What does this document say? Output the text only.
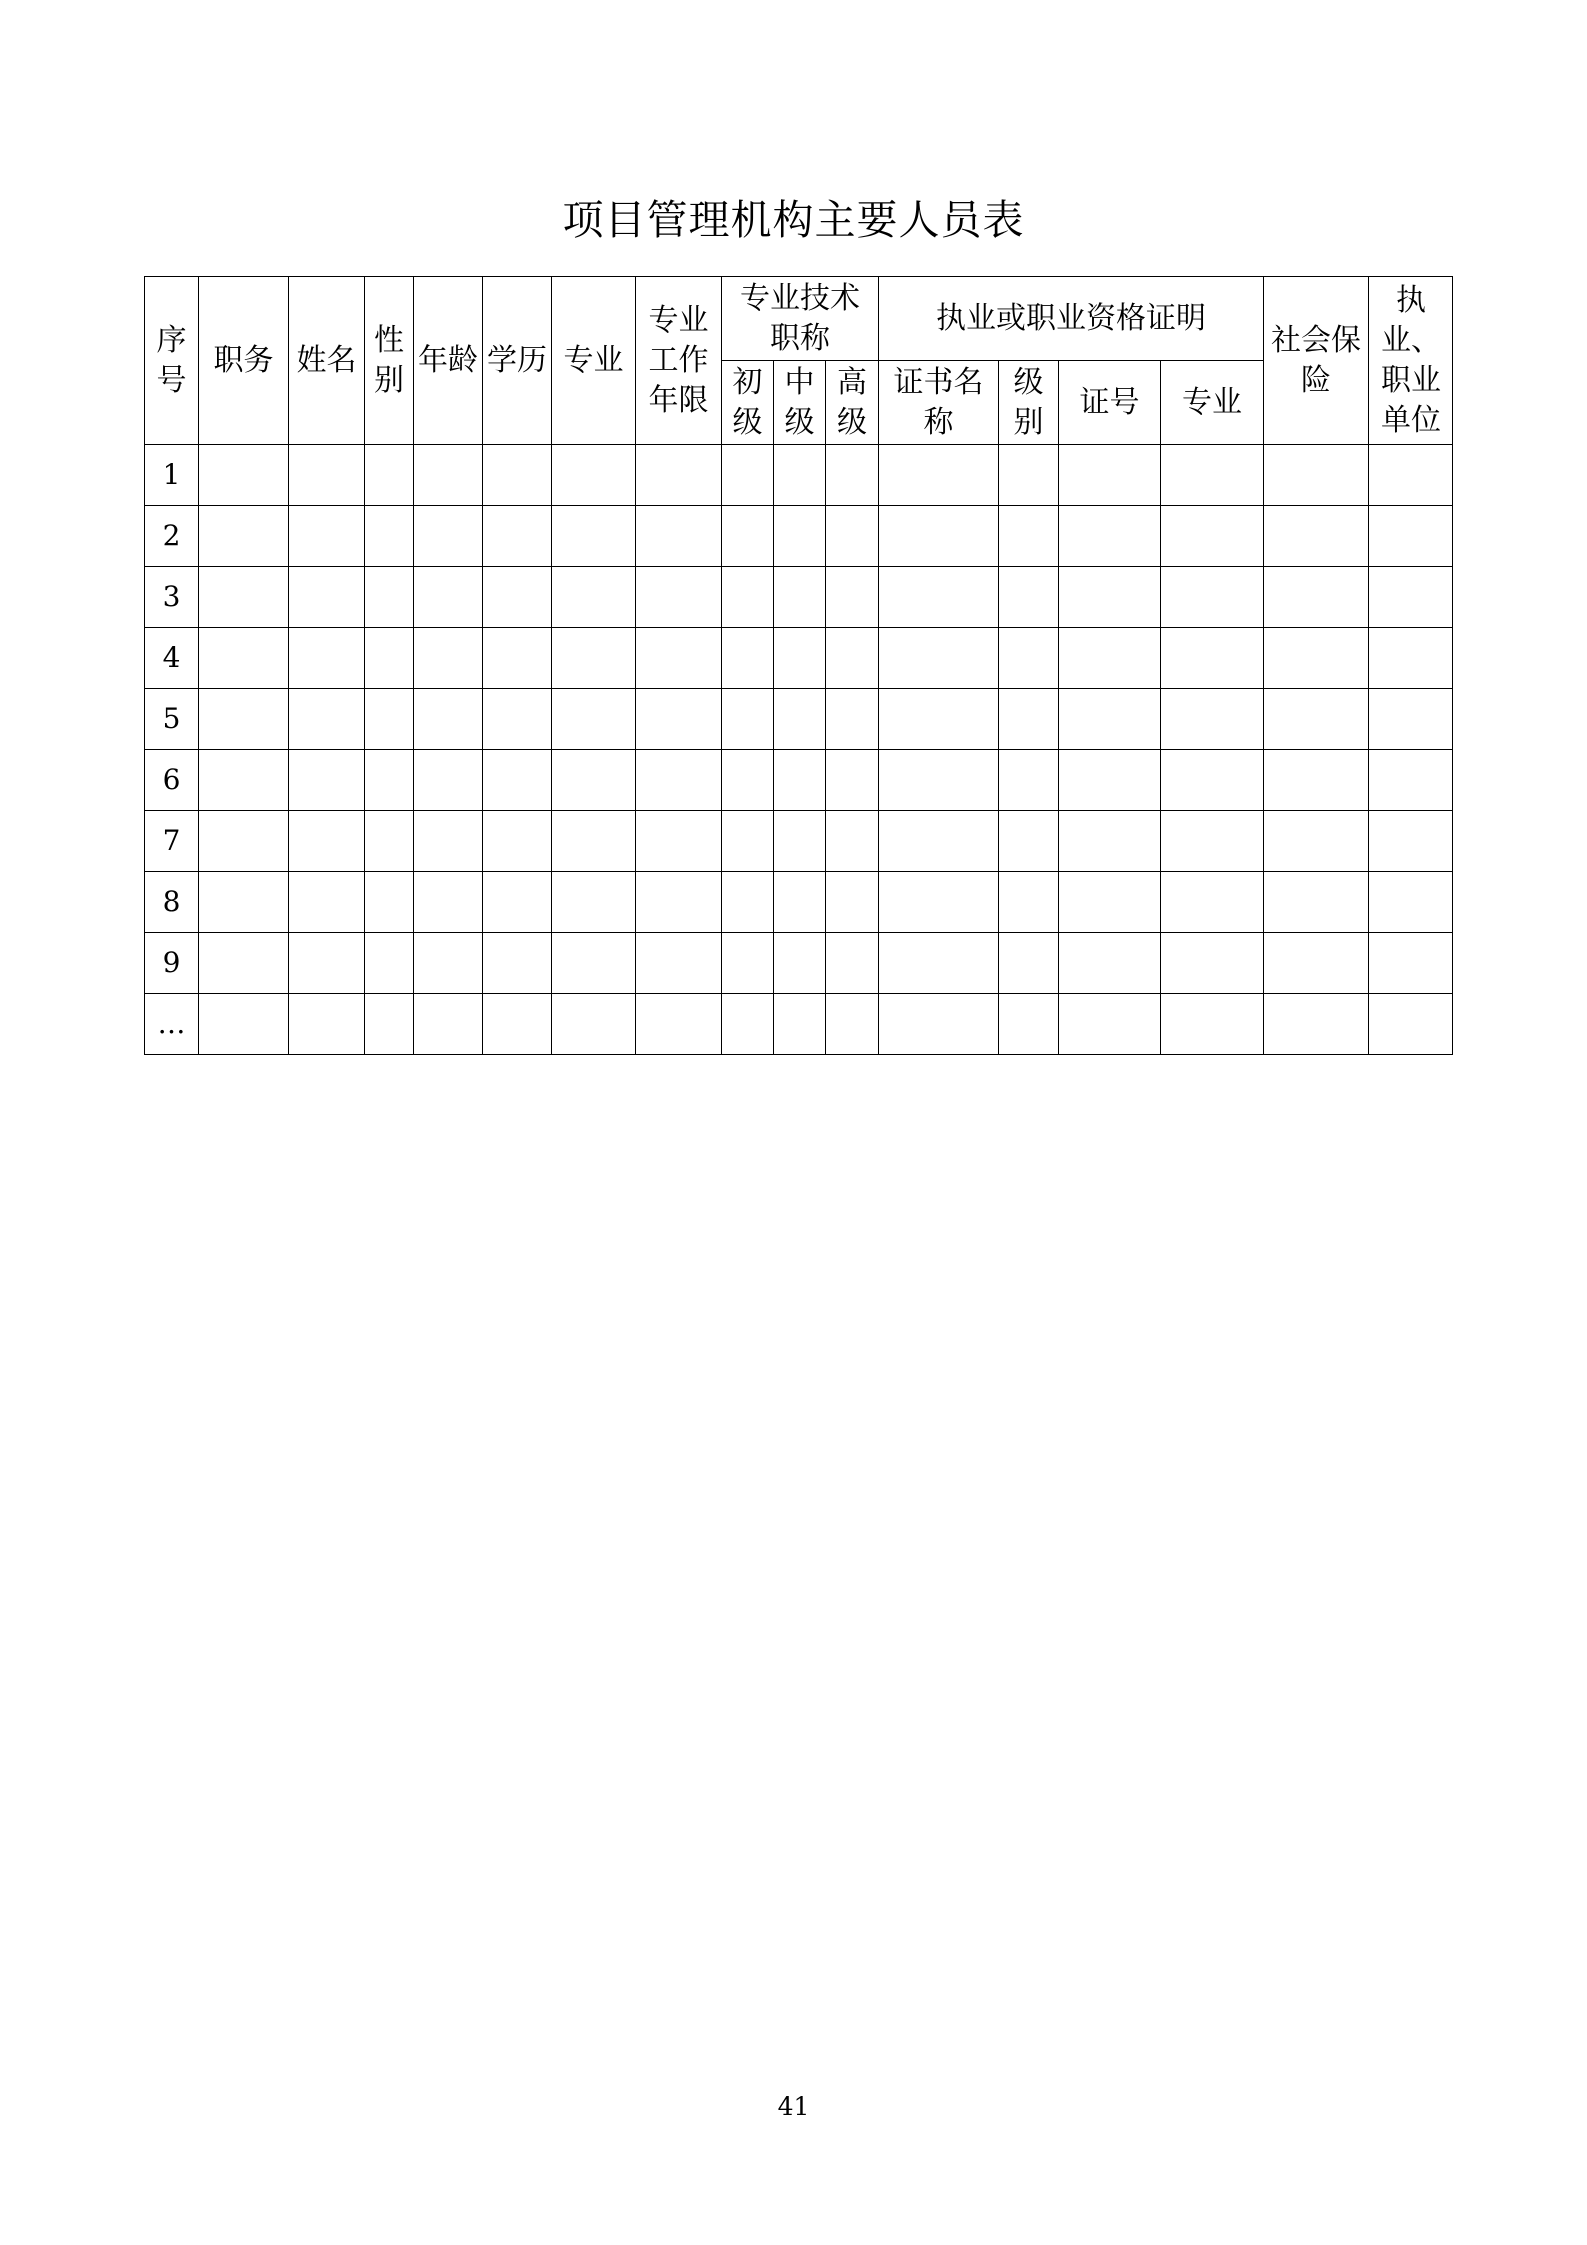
项目管理机构主要人员表
序号	职务	姓名	性别	年龄	学历	专业	专业工作年限	专业技术职称			执业或职业资格证明				社会保险	执业、职业单位

								初级	中级	高级	证书名称	级别	证号	专业		
1																
2																
3																
4																
5																
6																
7																
8																
9																
…																
41
